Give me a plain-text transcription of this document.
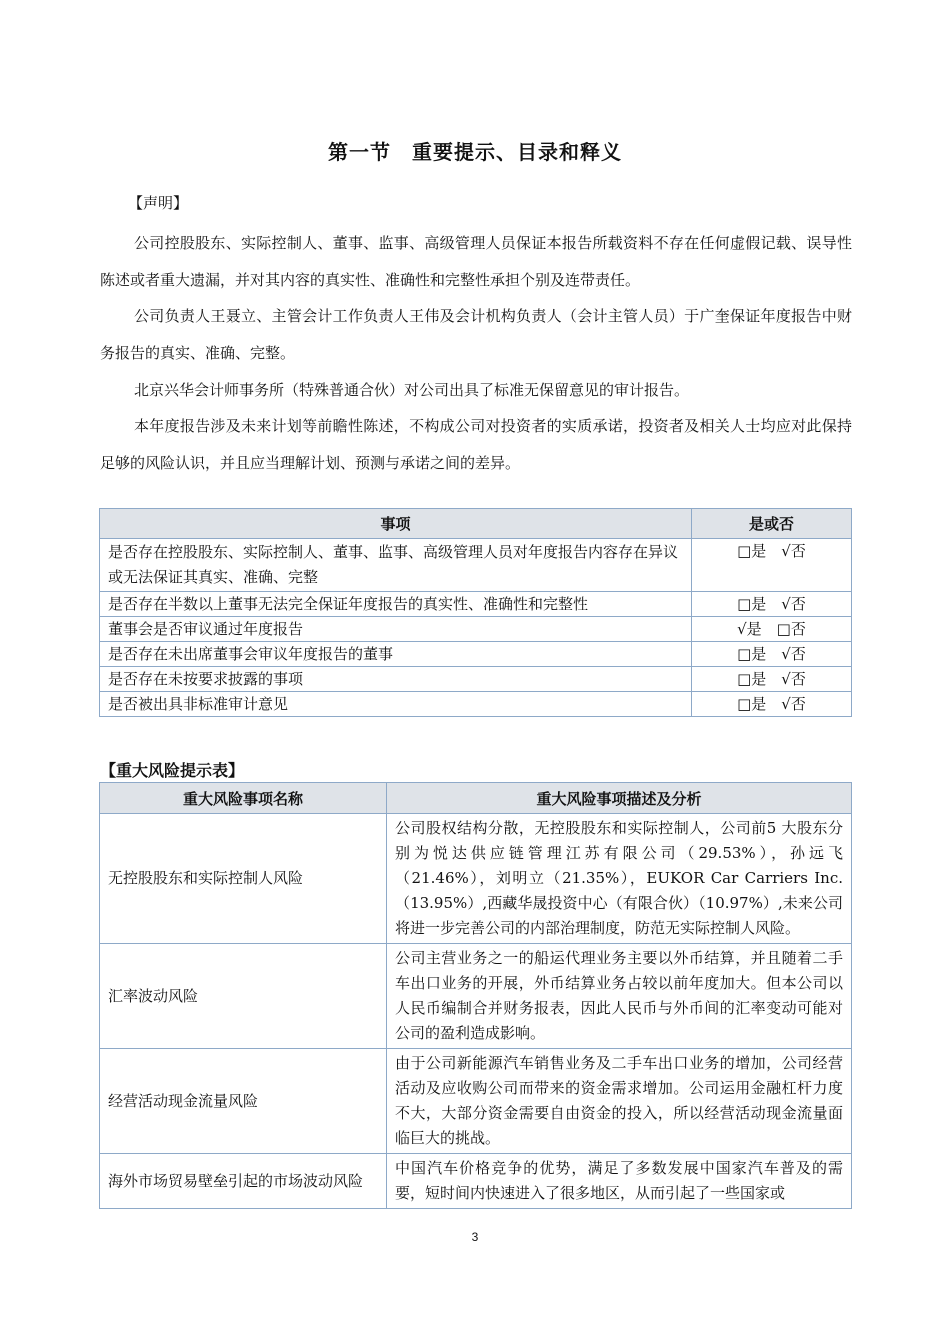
第一节　重要提示、目录和释义
【声明】
公司控股股东、实际控制人、董事、监事、高级管理人员保证本报告所载资料不存在任何虚假记载、误导性陈述或者重大遗漏，并对其内容的真实性、准确性和完整性承担个别及连带责任。
公司负责人王聂立、主管会计工作负责人王伟及会计机构负责人（会计主管人员）于广奎保证年度报告中财务报告的真实、准确、完整。
北京兴华会计师事务所（特殊普通合伙）对公司出具了标准无保留意见的审计报告。
本年度报告涉及未来计划等前瞻性陈述，不构成公司对投资者的实质承诺，投资者及相关人士均应对此保持足够的风险认识，并且应当理解计划、预测与承诺之间的差异。
事项	是或否
是否存在控股股东、实际控制人、董事、监事、高级管理人员对年度报告内容存在异议或无法保证其真实、准确、完整	□是　√否
是否存在半数以上董事无法完全保证年度报告的真实性、准确性和完整性	□是　√否
董事会是否审议通过年度报告	√是　□否
是否存在未出席董事会审议年度报告的董事	□是　√否
是否存在未按要求披露的事项	□是　√否
是否被出具非标准审计意见	□是　√否
【重大风险提示表】
重大风险事项名称	重大风险事项描述及分析
无控股股东和实际控制人风险	公司股权结构分散，无控股股东和实际控制人，公司前5 大股东分别为悦达供应链管理江苏有限公司（29.53%），孙远飞（21.46%），刘明立（21.35%），EUKOR Car Carriers Inc.（13.95%）,西藏华晟投资中心（有限合伙）（10.97%）,未来公司将进一步完善公司的内部治理制度，防范无实际控制人风险。
汇率波动风险	公司主营业务之一的船运代理业务主要以外币结算，并且随着二手车出口业务的开展，外币结算业务占较以前年度加大。但本公司以人民币编制合并财务报表，因此人民币与外币间的汇率变动可能对公司的盈利造成影响。
经营活动现金流量风险	由于公司新能源汽车销售业务及二手车出口业务的增加，公司经营活动及应收购公司而带来的资金需求增加。公司运用金融杠杆力度不大，大部分资金需要自由资金的投入，所以经营活动现金流量面临巨大的挑战。
海外市场贸易壁垒引起的市场波动风险	中国汽车价格竞争的优势，满足了多数发展中国家汽车普及的需要，短时间内快速进入了很多地区，从而引起了一些国家或
3
